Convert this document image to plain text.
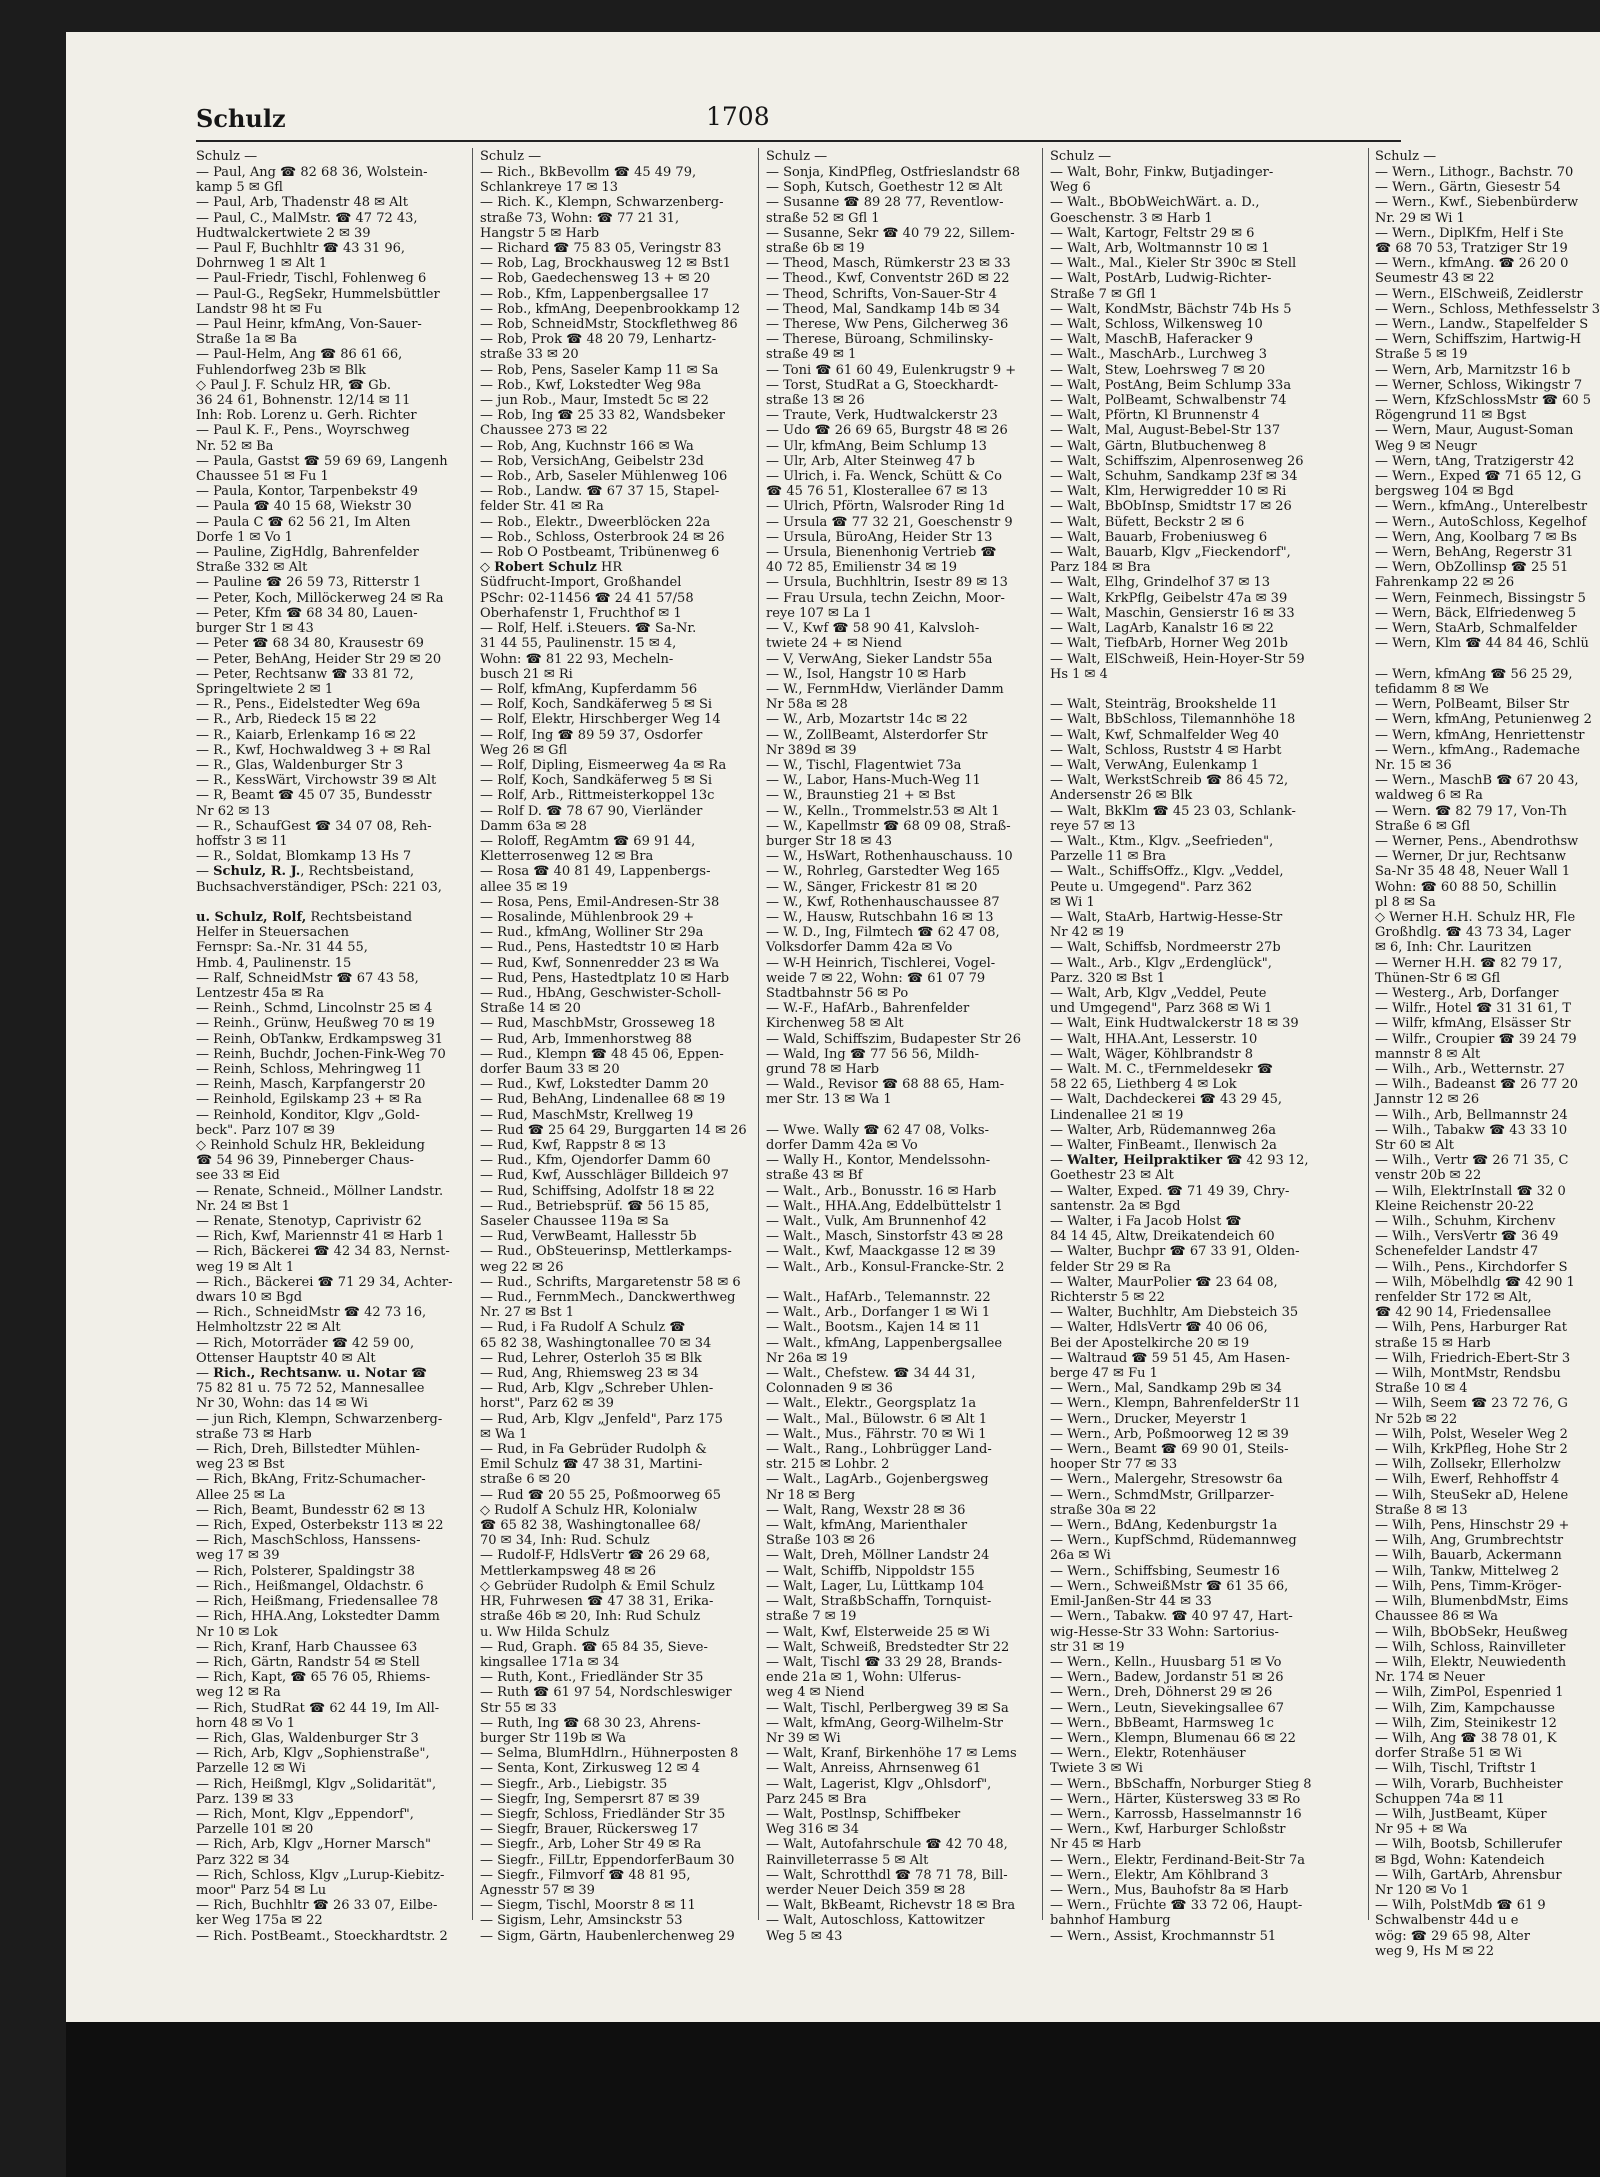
Schulz	1708
Schulz —
— Paul, Ang ☎ 82 68 36, Wolstein-
kamp 5 ✉ Gfl
— Paul, Arb, Thadenstr 48 ✉ Alt
— Paul, C., MalMstr. ☎ 47 72 43,
Hudtwalckertwiete 2 ✉ 39
— Paul F, Buchhltr ☎ 43 31 96,
Dohrnweg 1 ✉ Alt 1
— Paul-Friedr, Tischl, Fohlenweg 6
— Paul-G., RegSekr, Hummelsbüttler
Landstr 98 ht ✉ Fu
— Paul Heinr, kfmAng, Von-Sauer-
Straße 1a ✉ Ba
— Paul-Helm, Ang ☎ 86 61 66,
Fuhlendorfweg 23b ✉ Blk
◇ Paul J. F. Schulz HR, ☎ Gb.
36 24 61, Bohnenstr. 12/14 ✉ 11
Inh: Rob. Lorenz u. Gerh. Richter
— Paul K. F., Pens., Woyrschweg
Nr. 52 ✉ Ba
— Paula, Gastst ☎ 59 69 69, Langenh
Chaussee 51 ✉ Fu 1
— Paula, Kontor, Tarpenbekstr 49
— Paula ☎ 40 15 68, Wiekstr 30
— Paula C ☎ 62 56 21, Im Alten
Dorfe 1 ✉ Vo 1
— Pauline, ZigHdlg, Bahrenfelder
Straße 332 ✉ Alt
— Pauline ☎ 26 59 73, Ritterstr 1
— Peter, Koch, Millöckerweg 24 ✉ Ra
— Peter, Kfm ☎ 68 34 80, Lauen-
burger Str 1 ✉ 43
— Peter ☎ 68 34 80, Krausestr 69
— Peter, BehAng, Heider Str 29 ✉ 20
— Peter, Rechtsanw ☎ 33 81 72,
Springeltwiete 2 ✉ 1
— R., Pens., Eidelstedter Weg 69a
— R., Arb, Riedeck 15 ✉ 22
— R., Kaiarb, Erlenkamp 16 ✉ 22
— R., Kwf, Hochwaldweg 3 + ✉ Ral
— R., Glas, Waldenburger Str 3
— R., KessWärt, Virchowstr 39 ✉ Alt
— R, Beamt ☎ 45 07 35, Bundesstr
Nr 62 ✉ 13
— R., SchaufGest ☎ 34 07 08, Reh-
hoffstr 3 ✉ 11
— R., Soldat, Blomkamp 13 Hs 7
— Schulz, R. J., Rechtsbeistand,
Buchsachverständiger, PSch: 221 03,

u. Schulz, Rolf, Rechtsbeistand
Helfer in Steuersachen
Fernspr: Sa.-Nr. 31 44 55,
Hmb. 4, Paulinenstr. 15
— Ralf, SchneidMstr ☎ 67 43 58,
Lentzestr 45a ✉ Ra
— Reinh., Schmd, Lincolnstr 25 ✉ 4
— Reinh., Grünw, Heußweg 70 ✉ 19
— Reinh, ObTankw, Erdkampsweg 31
— Reinh, Buchdr, Jochen-Fink-Weg 70
— Reinh, Schloss, Mehringweg 11
— Reinh, Masch, Karpfangerstr 20
— Reinhold, Egilskamp 23 + ✉ Ra
— Reinhold, Konditor, Klgv „Gold-
beck". Parz 107 ✉ 39
◇ Reinhold Schulz HR, Bekleidung
☎ 54 96 39, Pinneberger Chaus-
see 33 ✉ Eid
— Renate, Schneid., Möllner Landstr.
Nr. 24 ✉ Bst 1
— Renate, Stenotyp, Caprivistr 62
— Rich, Kwf, Mariennstr 41 ✉ Harb 1
— Rich, Bäckerei ☎ 42 34 83, Nernst-
weg 19 ✉ Alt 1
— Rich., Bäckerei ☎ 71 29 34, Achter-
dwars 10 ✉ Bgd
— Rich., SchneidMstr ☎ 42 73 16,
Helmholtzstr 22 ✉ Alt
— Rich, Motorräder ☎ 42 59 00,
Ottenser Hauptstr 40 ✉ Alt
— Rich., Rechtsanw. u. Notar ☎
75 82 81 u. 75 72 52, Mannesallee
Nr 30, Wohn: das 14 ✉ Wi
— jun Rich, Klempn, Schwarzenberg-
straße 73 ✉ Harb
— Rich, Dreh, Billstedter Mühlen-
weg 23 ✉ Bst
— Rich, BkAng, Fritz-Schumacher-
Allee 25 ✉ La
— Rich, Beamt, Bundesstr 62 ✉ 13
— Rich, Exped, Osterbekstr 113 ✉ 22
— Rich, MaschSchloss, Hanssens-
weg 17 ✉ 39
— Rich, Polsterer, Spaldingstr 38
— Rich., Heißmangel, Oldachstr. 6
— Rich, Heißmang, Friedensallee 78
— Rich, HHA.Ang, Lokstedter Damm
Nr 10 ✉ Lok
— Rich, Kranf, Harb Chaussee 63
— Rich, Gärtn, Randstr 54 ✉ Stell
— Rich, Kapt, ☎ 65 76 05, Rhiems-
weg 12 ✉ Ra
— Rich, StudRat ☎ 62 44 19, Im All-
horn 48 ✉ Vo 1
— Rich, Glas, Waldenburger Str 3
— Rich, Arb, Klgv „Sophienstraße",
Parzelle 12 ✉ Wi
— Rich, Heißmgl, Klgv „Solidarität",
Parz. 139 ✉ 33
— Rich, Mont, Klgv „Eppendorf",
Parzelle 101 ✉ 20
— Rich, Arb, Klgv „Horner Marsch"
Parz 322 ✉ 34
— Rich, Schloss, Klgv „Lurup-Kiebitz-
moor" Parz 54 ✉ Lu
— Rich, Buchhltr ☎ 26 33 07, Eilbe-
ker Weg 175a ✉ 22
— Rich. PostBeamt., Stoeckhardtstr. 2
Schulz —
— Rich., BkBevollm ☎ 45 49 79,
Schlankreye 17 ✉ 13
— Rich. K., Klempn, Schwarzenberg-
straße 73, Wohn: ☎ 77 21 31,
Hangstr 5 ✉ Harb
— Richard ☎ 75 83 05, Veringstr 83
— Rob, Lag, Brockhausweg 12 ✉ Bst1
— Rob, Gaedechensweg 13 + ✉ 20
— Rob., Kfm, Lappenbergsallee 17
— Rob., kfmAng, Deepenbrookkamp 12
— Rob, SchneidMstr, Stockflethweg 86
— Rob, Prok ☎ 48 20 79, Lenhartz-
straße 33 ✉ 20
— Rob, Pens, Saseler Kamp 11 ✉ Sa
— Rob., Kwf, Lokstedter Weg 98a
— jun Rob., Maur, Imstedt 5c ✉ 22
— Rob, Ing ☎ 25 33 82, Wandsbeker
Chaussee 273 ✉ 22
— Rob, Ang, Kuchnstr 166 ✉ Wa
— Rob, VersichAng, Geibelstr 23d
— Rob., Arb, Saseler Mühlenweg 106
— Rob., Landw. ☎ 67 37 15, Stapel-
felder Str. 41 ✉ Ra
— Rob., Elektr., Dweerblöcken 22a
— Rob., Schloss, Osterbrook 24 ✉ 26
— Rob O Postbeamt, Tribünenweg 6
◇ Robert Schulz HR
Südfrucht-Import, Großhandel
PSchr: 02-11456 ☎ 24 41 57/58
Oberhafenstr 1, Fruchthof ✉ 1
— Rolf, Helf. i.Steuers. ☎ Sa-Nr.
31 44 55, Paulinenstr. 15 ✉ 4,
Wohn: ☎ 81 22 93, Mecheln-
busch 21 ✉ Ri
— Rolf, kfmAng, Kupferdamm 56
— Rolf, Koch, Sandkäferweg 5 ✉ Si
— Rolf, Elektr, Hirschberger Weg 14
— Rolf, Ing ☎ 89 59 37, Osdorfer
Weg 26 ✉ Gfl
— Rolf, Dipling, Eismeerweg 4a ✉ Ra
— Rolf, Koch, Sandkäferweg 5 ✉ Si
— Rolf, Arb., Rittmeisterkoppel 13c
— Rolf D. ☎ 78 67 90, Vierländer
Damm 63a ✉ 28
— Roloff, RegAmtm ☎ 69 91 44,
Kletterrosenweg 12 ✉ Bra
— Rosa ☎ 40 81 49, Lappenbergs-
allee 35 ✉ 19
— Rosa, Pens, Emil-Andresen-Str 38
— Rosalinde, Mühlenbrook 29 +
— Rud., kfmAng, Wolliner Str 29a
— Rud., Pens, Hastedtstr 10 ✉ Harb
— Rud, Kwf, Sonnenredder 23 ✉ Wa
— Rud, Pens, Hastedtplatz 10 ✉ Harb
— Rud., HbAng, Geschwister-Scholl-
Straße 14 ✉ 20
— Rud, MaschbMstr, Grosseweg 18
— Rud, Arb, Immenhorstweg 88
— Rud., Klempn ☎ 48 45 06, Eppen-
dorfer Baum 33 ✉ 20
— Rud., Kwf, Lokstedter Damm 20
— Rud, BehAng, Lindenallee 68 ✉ 19
— Rud, MaschMstr, Krellweg 19
— Rud ☎ 25 64 29, Burggarten 14 ✉ 26
— Rud, Kwf, Rappstr 8 ✉ 13
— Rud., Kfm, Ojendorfer Damm 60
— Rud, Kwf, Ausschläger Billdeich 97
— Rud, Schiffsing, Adolfstr 18 ✉ 22
— Rud., Betriebsprüf. ☎ 56 15 85,
Saseler Chaussee 119a ✉ Sa
— Rud, VerwBeamt, Hallesstr 5b
— Rud., ObSteuerinsp, Mettlerkamps-
weg 22 ✉ 26
— Rud., Schrifts, Margaretenstr 58 ✉ 6
— Rud., FernmMech., Danckwerthweg
Nr. 27 ✉ Bst 1
— Rud, i Fa Rudolf A Schulz ☎
65 82 38, Washingtonallee 70 ✉ 34
— Rud, Lehrer, Osterloh 35 ✉ Blk
— Rud, Ang, Rhiemsweg 23 ✉ 34
— Rud, Arb, Klgv „Schreber Uhlen-
horst", Parz 62 ✉ 39
— Rud, Arb, Klgv „Jenfeld", Parz 175
✉ Wa 1
— Rud, in Fa Gebrüder Rudolph &
Emil Schulz ☎ 47 38 31, Martini-
straße 6 ✉ 20
— Rud ☎ 20 55 25, Poßmoorweg 65
◇ Rudolf A Schulz HR, Kolonialw
☎ 65 82 38, Washingtonallee 68/
70 ✉ 34, Inh: Rud. Schulz
— Rudolf-F, HdlsVertr ☎ 26 29 68,
Mettlerkampsweg 48 ✉ 26
◇ Gebrüder Rudolph & Emil Schulz
HR, Fuhrwesen ☎ 47 38 31, Erika-
straße 46b ✉ 20, Inh: Rud Schulz
u. Ww Hilda Schulz
— Rud, Graph. ☎ 65 84 35, Sieve-
kingsallee 171a ✉ 34
— Ruth, Kont., Friedländer Str 35
— Ruth ☎ 61 97 54, Nordschleswiger
Str 55 ✉ 33
— Ruth, Ing ☎ 68 30 23, Ahrens-
burger Str 119b ✉ Wa
— Selma, BlumHdlrn., Hühnerposten 8
— Senta, Kont, Zirkusweg 12 ✉ 4
— Siegfr., Arb., Liebigstr. 35
— Siegfr, Ing, Sempersrt 87 ✉ 39
— Siegfr, Schloss, Friedländer Str 35
— Siegfr, Brauer, Rückersweg 17
— Siegfr., Arb, Loher Str 49 ✉ Ra
— Siegfr., FilLtr, EppendorferBaum 30
— Siegfr., Filmvorf ☎ 48 81 95,
Agnesstr 57 ✉ 39
— Siegm, Tischl, Moorstr 8 ✉ 11
— Sigism, Lehr, Amsinckstr 53
— Sigm, Gärtn, Haubenlerchenweg 29
Schulz —
— Sonja, KindPfleg, Ostfrieslandstr 68
— Soph, Kutsch, Goethestr 12 ✉ Alt
— Susanne ☎ 89 28 77, Reventlow-
straße 52 ✉ Gfl 1
— Susanne, Sekr ☎ 40 79 22, Sillem-
straße 6b ✉ 19
— Theod, Masch, Rümkerstr 23 ✉ 33
— Theod., Kwf, Conventstr 26D ✉ 22
— Theod, Schrifts, Von-Sauer-Str 4
— Theod, Mal, Sandkamp 14b ✉ 34
— Therese, Ww Pens, Gilcherweg 36
— Therese, Büroang, Schmilinsky-
straße 49 ✉ 1
— Toni ☎ 61 60 49, Eulenkrugstr 9 +
— Torst, StudRat a G, Stoeckhardt-
straße 13 ✉ 26
— Traute, Verk, Hudtwalckerstr 23
— Udo ☎ 26 69 65, Burgstr 48 ✉ 26
— Ulr, kfmAng, Beim Schlump 13
— Ulr, Arb, Alter Steinweg 47 b
— Ulrich, i. Fa. Wenck, Schütt & Co
☎ 45 76 51, Klosterallee 67 ✉ 13
— Ulrich, Pförtn, Walsroder Ring 1d
— Ursula ☎ 77 32 21, Goeschenstr 9
— Ursula, BüroAng, Heider Str 13
— Ursula, Bienenhonig Vertrieb ☎
40 72 85, Emilienstr 34 ✉ 19
— Ursula, Buchhltrin, Isestr 89 ✉ 13
— Frau Ursula, techn Zeichn, Moor-
reye 107 ✉ La 1
— V., Kwf ☎ 58 90 41, Kalvsloh-
twiete 24 + ✉ Niend
— V, VerwAng, Sieker Landstr 55a
— W., Isol, Hangstr 10 ✉ Harb
— W., FernmHdw, Vierländer Damm
Nr 58a ✉ 28
— W., Arb, Mozartstr 14c ✉ 22
— W., ZollBeamt, Alsterdorfer Str
Nr 389d ✉ 39
— W., Tischl, Flagentwiet 73a
— W., Labor, Hans-Much-Weg 11
— W., Braunstieg 21 + ✉ Bst
— W., Kelln., Trommelstr.53 ✉ Alt 1
— W., Kapellmstr ☎ 68 09 08, Straß-
burger Str 18 ✉ 43
— W., HsWart, Rothenhauschauss. 10
— W., Rohrleg, Garstedter Weg 165
— W., Sänger, Frickestr 81 ✉ 20
— W., Kwf, Rothenhauschaussee 87
— W., Hausw, Rutschbahn 16 ✉ 13
— W. D., Ing, Filmtech ☎ 62 47 08,
Volksdorfer Damm 42a ✉ Vo
— W-H Heinrich, Tischlerei, Vogel-
weide 7 ✉ 22, Wohn: ☎ 61 07 79
Stadtbahnstr 56 ✉ Po
— W.-F., HafArb., Bahrenfelder
Kirchenweg 58 ✉ Alt
— Wald, Schiffszim, Budapester Str 26
— Wald, Ing ☎ 77 56 56, Mildh-
grund 78 ✉ Harb
— Wald., Revisor ☎ 68 88 65, Ham-
mer Str. 13 ✉ Wa 1

— Wwe. Wally ☎ 62 47 08, Volks-
dorfer Damm 42a ✉ Vo
— Wally H., Kontor, Mendelssohn-
straße 43 ✉ Bf
— Walt., Arb., Bonusstr. 16 ✉ Harb
— Walt., HHA.Ang, Eddelbüttelstr 1
— Walt., Vulk, Am Brunnenhof 42
— Walt., Masch, Sinstorfstr 43 ✉ 28
— Walt., Kwf, Maackgasse 12 ✉ 39
— Walt., Arb., Konsul-Francke-Str. 2

— Walt., HafArb., Telemannstr. 22
— Walt., Arb., Dorfanger 1 ✉ Wi 1
— Walt., Bootsm., Kajen 14 ✉ 11
— Walt., kfmAng, Lappenbergsallee
Nr 26a ✉ 19
— Walt., Chefstew. ☎ 34 44 31,
Colonnaden 9 ✉ 36
— Walt., Elektr., Georgsplatz 1a
— Walt., Mal., Bülowstr. 6 ✉ Alt 1
— Walt., Mus., Fährstr. 70 ✉ Wi 1
— Walt., Rang., Lohbrügger Land-
str. 215 ✉ Lohbr. 2
— Walt., LagArb., Gojenbergsweg
Nr 18 ✉ Berg
— Walt, Rang, Wexstr 28 ✉ 36
— Walt, kfmAng, Marienthaler
Straße 103 ✉ 26
— Walt, Dreh, Möllner Landstr 24
— Walt, Schiffb, Nippoldstr 155
— Walt, Lager, Lu, Lüttkamp 104
— Walt, StraßbSchaffn, Tornquist-
straße 7 ✉ 19
— Walt, Kwf, Elsterweide 25 ✉ Wi
— Walt, Schweiß, Bredstedter Str 22
— Walt, Tischl ☎ 33 29 28, Brands-
ende 21a ✉ 1, Wohn: Ulferus-
weg 4 ✉ Niend
— Walt, Tischl, Perlbergweg 39 ✉ Sa
— Walt, kfmAng, Georg-Wilhelm-Str
Nr 39 ✉ Wi
— Walt, Kranf, Birkenhöhe 17 ✉ Lems
— Walt, Anreiss, Ahrnsenweg 61
— Walt, Lagerist, Klgv „Ohlsdorf",
Parz 245 ✉ Bra
— Walt, Postlnsp, Schiffbeker
Weg 316 ✉ 34
— Walt, Autofahrschule ☎ 42 70 48,
Rainvilleterrasse 5 ✉ Alt
— Walt, Schrotthdl ☎ 78 71 78, Bill-
werder Neuer Deich 359 ✉ 28
— Walt, BkBeamt, Richevstr 18 ✉ Bra
— Walt, Autoschloss, Kattowitzer
Weg 5 ✉ 43
Schulz —
— Walt, Bohr, Finkw, Butjadinger-
Weg 6
— Walt., BbObWeichWärt. a. D.,
Goeschenstr. 3 ✉ Harb 1
— Walt, Kartogr, Feltstr 29 ✉ 6
— Walt, Arb, Woltmannstr 10 ✉ 1
— Walt., Mal., Kieler Str 390c ✉ Stell
— Walt, PostArb, Ludwig-Richter-
Straße 7 ✉ Gfl 1
— Walt, KondMstr, Bächstr 74b Hs 5
— Walt, Schloss, Wilkensweg 10
— Walt, MaschB, Haferacker 9
— Walt., MaschArb., Lurchweg 3
— Walt, Stew, Loehrsweg 7 ✉ 20
— Walt, PostAng, Beim Schlump 33a
— Walt, PolBeamt, Schwalbenstr 74
— Walt, Pförtn, Kl Brunnenstr 4
— Walt, Mal, August-Bebel-Str 137
— Walt, Gärtn, Blutbuchenweg 8
— Walt, Schiffszim, Alpenrosenweg 26
— Walt, Schuhm, Sandkamp 23f ✉ 34
— Walt, Klm, Herwigredder 10 ✉ Ri
— Walt, BbObInsp, Smidtstr 17 ✉ 26
— Walt, Büfett, Beckstr 2 ✉ 6
— Walt, Bauarb, Frobeniusweg 6
— Walt, Bauarb, Klgv „Fieckendorf",
Parz 184 ✉ Bra
— Walt, Elhg, Grindelhof 37 ✉ 13
— Walt, KrkPflg, Geibelstr 47a ✉ 39
— Walt, Maschin, Gensierstr 16 ✉ 33
— Walt, LagArb, Kanalstr 16 ✉ 22
— Walt, TiefbArb, Horner Weg 201b
— Walt, ElSchweiß, Hein-Hoyer-Str 59
Hs 1 ✉ 4

— Walt, Steinträg, Brookshelde 11
— Walt, BbSchloss, Tilemannhöhe 18
— Walt, Kwf, Schmalfelder Weg 40
— Walt, Schloss, Ruststr 4 ✉ Harbt
— Walt, VerwAng, Eulenkamp 1
— Walt, WerkstSchreib ☎ 86 45 72,
Andersenstr 26 ✉ Blk
— Walt, BkKlm ☎ 45 23 03, Schlank-
reye 57 ✉ 13
— Walt., Ktm., Klgv. „Seefrieden",
Parzelle 11 ✉ Bra
— Walt., SchiffsOffz., Klgv. „Veddel,
Peute u. Umgegend". Parz 362
✉ Wi 1
— Walt, StaArb, Hartwig-Hesse-Str
Nr 42 ✉ 19
— Walt, Schiffsb, Nordmeerstr 27b
— Walt., Arb., Klgv „Erdenglück",
Parz. 320 ✉ Bst 1
— Walt, Arb, Klgv „Veddel, Peute
und Umgegend", Parz 368 ✉ Wi 1
— Walt, Eink Hudtwalckerstr 18 ✉ 39
— Walt, HHA.Ant, Lesserstr. 10
— Walt, Wäger, Köhlbrandstr 8
— Walt. M. C., tFernmeldesekr ☎
58 22 65, Liethberg 4 ✉ Lok
— Walt, Dachdeckerei ☎ 43 29 45,
Lindenallee 21 ✉ 19
— Walter, Arb, Rüdemannweg 26a
— Walter, FinBeamt., Ilenwisch 2a
— Walter, Heilpraktiker ☎ 42 93 12,
Goethestr 23 ✉ Alt
— Walter, Exped. ☎ 71 49 39, Chry-
santenstr. 2a ✉ Bgd
— Walter, i Fa Jacob Holst ☎
84 14 45, Altw, Dreikatendeich 60
— Walter, Buchpr ☎ 67 33 91, Olden-
felder Str 29 ✉ Ra
— Walter, MaurPolier ☎ 23 64 08,
Richterstr 5 ✉ 22
— Walter, Buchhltr, Am Diebsteich 35
— Walter, HdlsVertr ☎ 40 06 06,
Bei der Apostelkirche 20 ✉ 19
— Waltraud ☎ 59 51 45, Am Hasen-
berge 47 ✉ Fu 1
— Wern., Mal, Sandkamp 29b ✉ 34
— Wern., Klempn, BahrenfelderStr 11
— Wern., Drucker, Meyerstr 1
— Wern., Arb, Poßmoorweg 12 ✉ 39
— Wern., Beamt ☎ 69 90 01, Steils-
hooper Str 77 ✉ 33
— Wern., Malergehr, Stresowstr 6a
— Wern., SchmdMstr, Grillparzer-
straße 30a ✉ 22
— Wern., BdAng, Kedenburgstr 1a
— Wern., KupfSchmd, Rüdemannweg
26a ✉ Wi
— Wern., Schiffsbing, Seumestr 16
— Wern., SchweißMstr ☎ 61 35 66,
Emil-Janßen-Str 44 ✉ 33
— Wern., Tabakw. ☎ 40 97 47, Hart-
wig-Hesse-Str 33 Wohn: Sartorius-
str 31 ✉ 19
— Wern., Kelln., Huusbarg 51 ✉ Vo
— Wern., Badew, Jordanstr 51 ✉ 26
— Wern., Dreh, Döhnerst 29 ✉ 26
— Wern., Leutn, Sievekingsallee 67
— Wern., BbBeamt, Harmsweg 1c
— Wern., Klempn, Blumenau 66 ✉ 22
— Wern., Elektr, Rotenhäuser
Twiete 3 ✉ Wi
— Wern., BbSchaffn, Norburger Stieg 8
— Wern., Härter, Küstersweg 33 ✉ Ro
— Wern., Karrossb, Hasselmannstr 16
— Wern., Kwf, Harburger Schloßstr
Nr 45 ✉ Harb
— Wern., Elektr, Ferdinand-Beit-Str 7a
— Wern., Elektr, Am Köhlbrand 3
— Wern., Mus, Bauhofstr 8a ✉ Harb
— Wern., Früchte ☎ 33 72 06, Haupt-
bahnhof Hamburg
— Wern., Assist, Krochmannstr 51
Schulz —
— Wern., Lithogr., Bachstr. 70
— Wern., Gärtn, Giesestr 54
— Wern., Kwf., Siebenbürderw
Nr. 29 ✉ Wi 1
— Wern., DiplKfm, Helf i Ste
☎ 68 70 53, Tratziger Str 19
— Wern., kfmAng. ☎ 26 20 0
Seumestr 43 ✉ 22
— Wern., ElSchweiß, Zeidlerstr
— Wern., Schloss, Methfesselstr 3
— Wern., Landw., Stapelfelder S
— Wern, Schiffszim, Hartwig-H
Straße 5 ✉ 19
— Wern, Arb, Marnitzstr 16 b
— Werner, Schloss, Wikingstr 7
— Wern, KfzSchlossMstr ☎ 60 5
Rögengrund 11 ✉ Bgst
— Wern, Maur, August-Soman
Weg 9 ✉ Neugr
— Wern, tAng, Tratzigerstr 42
— Wern., Exped ☎ 71 65 12, G
bergsweg 104 ✉ Bgd
— Wern., kfmAng., Unterelbestr
— Wern., AutoSchloss, Kegelhof
— Wern, Ang, Koolbarg 7 ✉ Bs
— Wern, BehAng, Regerstr 31
— Wern, ObZollinsp ☎ 25 51
Fahrenkamp 22 ✉ 26
— Wern, Feinmech, Bissingstr 5
— Wern, Bäck, Elfriedenweg 5
— Wern, StaArb, Schmalfelder
— Wern, Klm ☎ 44 84 46, Schlü

— Wern, kfmAng ☎ 56 25 29,
tefidamm 8 ✉ We
— Wern, PolBeamt, Bilser Str
— Wern, kfmAng, Petunienweg 2
— Wern, kfmAng, Henriettenstr
— Wern., kfmAng., Rademache
Nr. 15 ✉ 36
— Wern., MaschB ☎ 67 20 43,
waldweg 6 ✉ Ra
— Wern. ☎ 82 79 17, Von-Th
Straße 6 ✉ Gfl
— Werner, Pens., Abendrothsw
— Werner, Dr jur, Rechtsanw
Sa-Nr 35 48 48, Neuer Wall 1
Wohn: ☎ 60 88 50, Schillin
pl 8 ✉ Sa
◇ Werner H.H. Schulz HR, Fle
Großhdlg. ☎ 43 73 34, Lager
✉ 6, Inh: Chr. Lauritzen
— Werner H.H. ☎ 82 79 17,
Thünen-Str 6 ✉ Gfl
— Westerg., Arb, Dorfanger
— Wilfr., Hotel ☎ 31 31 61, T
— Wilfr, kfmAng, Elsässer Str
— Wilfr., Croupier ☎ 39 24 79
mannstr 8 ✉ Alt
— Wilh., Arb., Wetternstr. 27
— Wilh., Badeanst ☎ 26 77 20
Jannstr 12 ✉ 26
— Wilh., Arb, Bellmannstr 24
— Wilh., Tabakw ☎ 43 33 10
Str 60 ✉ Alt
— Wilh., Vertr ☎ 26 71 35, C
venstr 20b ✉ 22
— Wilh, ElektrInstall ☎ 32 0
Kleine Reichenstr 20-22
— Wilh., Schuhm, Kirchenv
— Wilh., VersVertr ☎ 36 49
Schenefelder Landstr 47
— Wilh., Pens., Kirchdorfer S
— Wilh, Möbelhdlg ☎ 42 90 1
renfelder Str 172 ✉ Alt,
☎ 42 90 14, Friedensallee
— Wilh, Pens, Harburger Rat
straße 15 ✉ Harb
— Wilh, Friedrich-Ebert-Str 3
— Wilh, MontMstr, Rendsbu
Straße 10 ✉ 4
— Wilh, Seem ☎ 23 72 76, G
Nr 52b ✉ 22
— Wilh, Polst, Weseler Weg 2
— Wilh, KrkPfleg, Hohe Str 2
— Wilh, Zollsekr, Ellerholzw
— Wilh, Ewerf, Rehhoffstr 4
— Wilh, SteuSekr aD, Helene
Straße 8 ✉ 13
— Wilh, Pens, Hinschstr 29 +
— Wilh, Ang, Grumbrechtstr
— Wilh, Bauarb, Ackermann
— Wilh, Tankw, Mittelweg 2
— Wilh, Pens, Timm-Kröger-
— Wilh, BlumenbdMstr, Eims
Chaussee 86 ✉ Wa
— Wilh, BbObSekr, Heußweg
— Wilh, Schloss, Rainvilleter
— Wilh, Elektr, Neuwiedenth
Nr. 174 ✉ Neuer
— Wilh, ZimPol, Espenried 1
— Wilh, Zim, Kampchausse
— Wilh, Zim, Steinikestr 12
— Wilh, Ang ☎ 38 78 01, K
dorfer Straße 51 ✉ Wi
— Wilh, Tischl, Triftstr 1
— Wilh, Vorarb, Buchheister
Schuppen 74a ✉ 11
— Wilh, JustBeamt, Küper
Nr 95 + ✉ Wa
— Wilh, Bootsb, Schillerufer
✉ Bgd, Wohn: Katendeich
— Wilh, GartArb, Ahrensbur
Nr 120 ✉ Vo 1
— Wilh, PolstMdb ☎ 61 9
Schwalbenstr 44d u e
wög: ☎ 29 65 98, Alter
weg 9, Hs M ✉ 22
